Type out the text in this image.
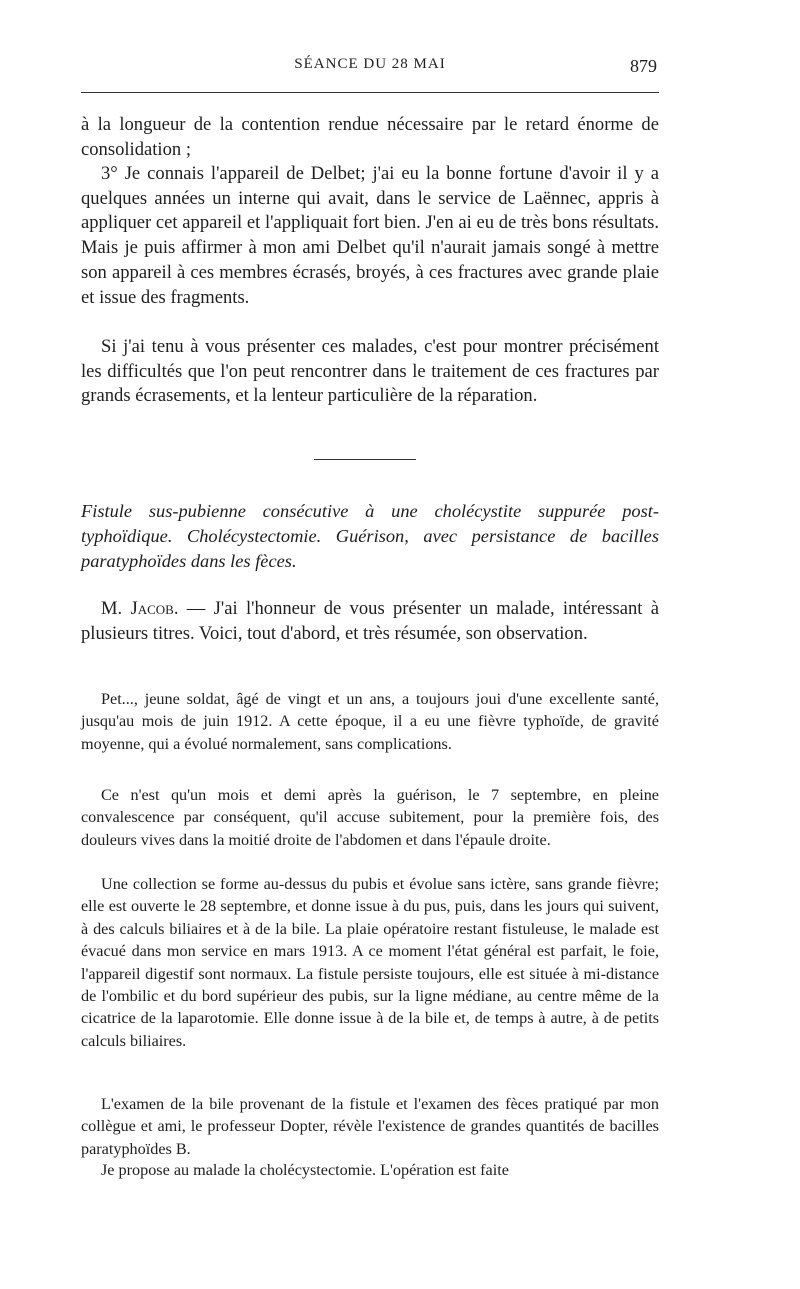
SÉANCE DU 28 MAI	879

à la longueur de la contention rendue nécessaire par le retard énorme de consolidation ;

3° Je connais l'appareil de Delbet; j'ai eu la bonne fortune d'avoir il y a quelques années un interne qui avait, dans le service de Laënnec, appris à appliquer cet appareil et l'appliquait fort bien. J'en ai eu de très bons résultats. Mais je puis affirmer à mon ami Delbet qu'il n'aurait jamais songé à mettre son appareil à ces membres écrasés, broyés, à ces fractures avec grande plaie et issue des fragments.

Si j'ai tenu à vous présenter ces malades, c'est pour montrer précisément les difficultés que l'on peut rencontrer dans le traitement de ces fractures par grands écrasements, et la lenteur particulière de la réparation.

Fistule sus-pubienne consécutive à une cholécystite suppurée post-typhoïdique. Cholécystectomie. Guérison, avec persistance de bacilles paratyphoïdes dans les fèces.

M. Jacob. — J'ai l'honneur de vous présenter un malade, intéressant à plusieurs titres. Voici, tout d'abord, et très résumée, son observation.

Pet..., jeune soldat, âgé de vingt et un ans, a toujours joui d'une excellente santé, jusqu'au mois de juin 1912. A cette époque, il a eu une fièvre typhoïde, de gravité moyenne, qui a évolué normalement, sans complications.

Ce n'est qu'un mois et demi après la guérison, le 7 septembre, en pleine convalescence par conséquent, qu'il accuse subitement, pour la première fois, des douleurs vives dans la moitié droite de l'abdomen et dans l'épaule droite.

Une collection se forme au-dessus du pubis et évolue sans ictère, sans grande fièvre; elle est ouverte le 28 septembre, et donne issue à du pus, puis, dans les jours qui suivent, à des calculs biliaires et à de la bile. La plaie opératoire restant fistuleuse, le malade est évacué dans mon service en mars 1913. A ce moment l'état général est parfait, le foie, l'appareil digestif sont normaux. La fistule persiste toujours, elle est située à mi-distance de l'ombilic et du bord supérieur des pubis, sur la ligne médiane, au centre même de la cicatrice de la laparotomie. Elle donne issue à de la bile et, de temps à autre, à de petits calculs biliaires.

L'examen de la bile provenant de la fistule et l'examen des fèces pratiqué par mon collègue et ami, le professeur Dopter, révèle l'existence de grandes quantités de bacilles paratyphoïdes B.

Je propose au malade la cholécystectomie. L'opération est faite
